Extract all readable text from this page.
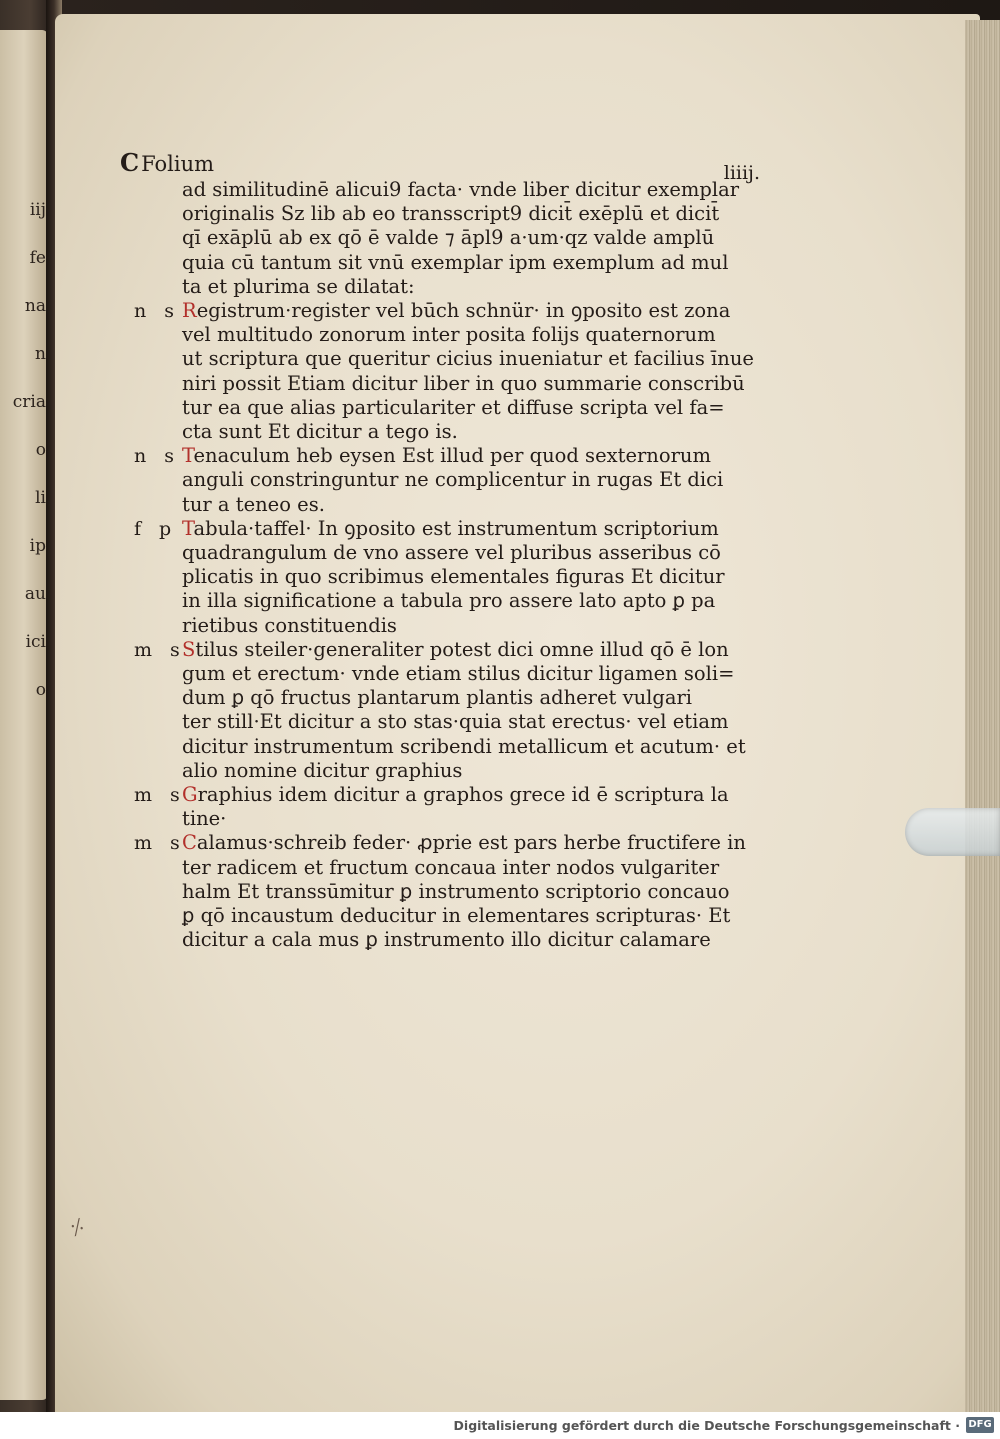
iij
fe
na
n
cria
o
li
ip
au
ici
o
⸓
CFolium	liiij.
ad similitudinē alicui9 facta· vnde liber dicitur exemplar
originalis Sz lib ab eo transscript9 dicit̄ exēplū et dicit̄
qī exāplū ab ex qō ē valde ⁊ āpl9 a·um·qz valde amplū
quia cū tantum sit vnū exemplar ipm exemplum ad mul
ta et plurima se dilatat:
n s Registrum·register vel būch schnür· in ꝯposito est zona
vel multitudo zonorum inter posita folijs quaternorum
ut scriptura que queritur cicius inueniatur et facilius īnue
niri possit Etiam dicitur liber in quo summarie conscribū
tur ea que alias particulariter et diffuse scripta vel fa=
cta sunt Et dicitur a tego is.
n s Tenaculum heb eysen Est illud per quod sexternorum
anguli constringuntur ne complicentur in rugas Et dici
tur a teneo es.
f p Tabula·taffel· In ꝯposito est instrumentum scriptorium
quadrangulum de vno assere vel pluribus asseribus cō
plicatis in quo scribimus elementales figuras Et dicitur
in illa significatione a tabula pro assere lato apto ꝑ pa
rietibus constituendis
m s Stilus steiler·generaliter potest dici omne illud qō ē lon
gum et erectum· vnde etiam stilus dicitur ligamen soli=
dum ꝑ qō fructus plantarum plantis adheret vulgari
ter still·Et dicitur a sto stas·quia stat erectus· vel etiam
dicitur instrumentum scribendi metallicum et acutum· et
alio nomine dicitur graphius
m s Graphius idem dicitur a graphos grece id ē scriptura la
tine·
m s Calamus·schreib feder· ꝓprie est pars herbe fructifere in
ter radicem et fructum concaua inter nodos vulgariter
halm Et transsūmitur ꝑ instrumento scriptorio concauo
ꝑ qō incaustum deducitur in elementares scripturas· Et
dicitur a cala mus ꝑ instrumento illo dicitur calamare
Digitalisierung gefördert durch die Deutsche Forschungsgemeinschaft · DFG
